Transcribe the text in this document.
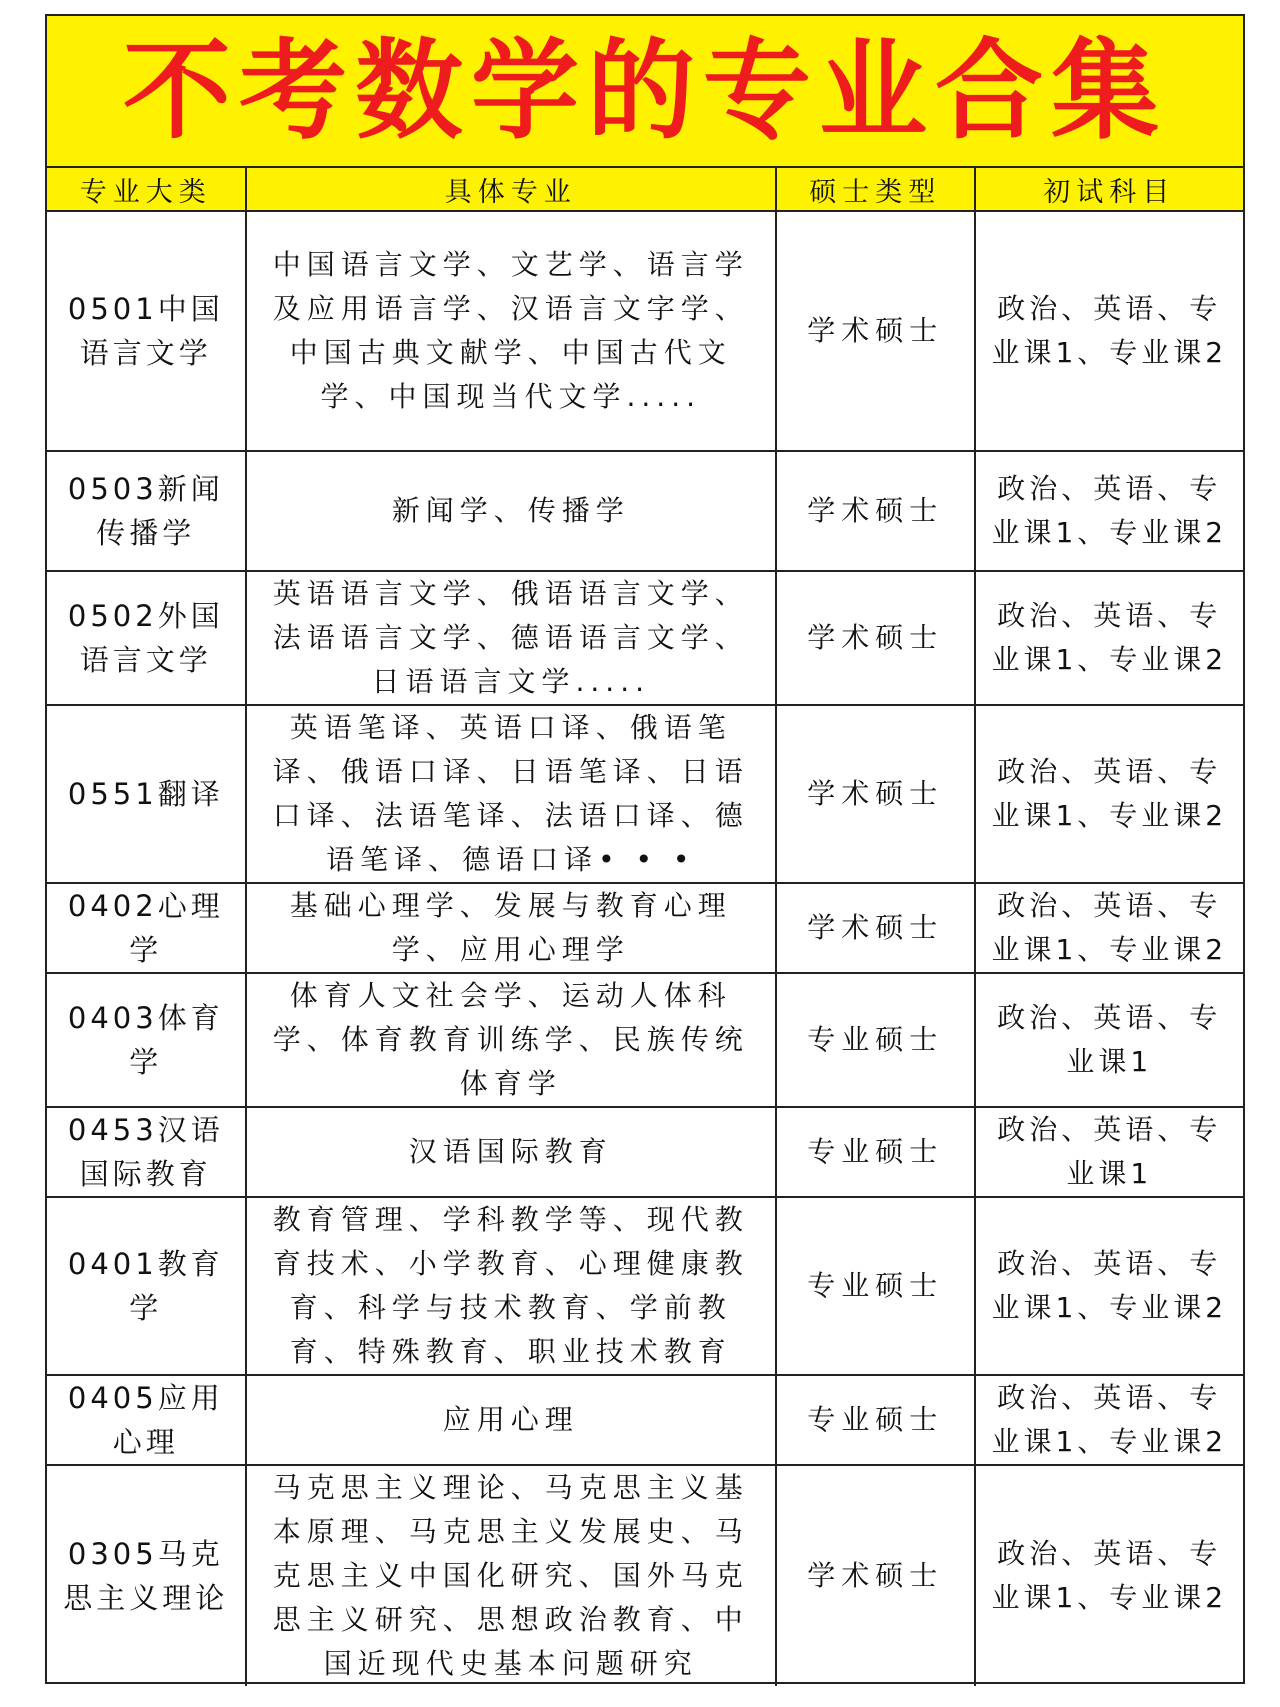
不考数学的专业合集
专业大类	具体专业	硕士类型	初试科目
0501中国语言文学	中国语言文学、文艺学、语言学及应用语言学、汉语言文字学、中国古典文献学、中国古代文学、中国现当代文学.....	学术硕士	政治、英语、专业课1、专业课2
0503新闻传播学	新闻学、传播学	学术硕士	政治、英语、专业课1、专业课2
0502外国语言文学	英语语言文学、俄语语言文学、法语语言文学、德语语言文学、日语语言文学.....	学术硕士	政治、英语、专业课1、专业课2
0551翻译	英语笔译、英语口译、俄语笔译、俄语口译、日语笔译、日语口译、法语笔译、法语口译、德语笔译、德语口译• • •	学术硕士	政治、英语、专业课1、专业课2
0402心理学	基础心理学、发展与教育心理学、应用心理学	学术硕士	政治、英语、专业课1、专业课2
0403体育学	体育人文社会学、运动人体科学、体育教育训练学、民族传统体育学	专业硕士	政治、英语、专业课1
0453汉语国际教育	汉语国际教育	专业硕士	政治、英语、专业课1
0401教育学	教育管理、学科教学等、现代教育技术、小学教育、心理健康教育、科学与技术教育、学前教育、特殊教育、职业技术教育	专业硕士	政治、英语、专业课1、专业课2
0405应用心理	应用心理	专业硕士	政治、英语、专业课1、专业课2
0305马克思主义理论	马克思主义理论、马克思主义基本原理、马克思主义发展史、马克思主义中国化研究、国外马克思主义研究、思想政治教育、中国近现代史基本问题研究	学术硕士	政治、英语、专业课1、专业课2
